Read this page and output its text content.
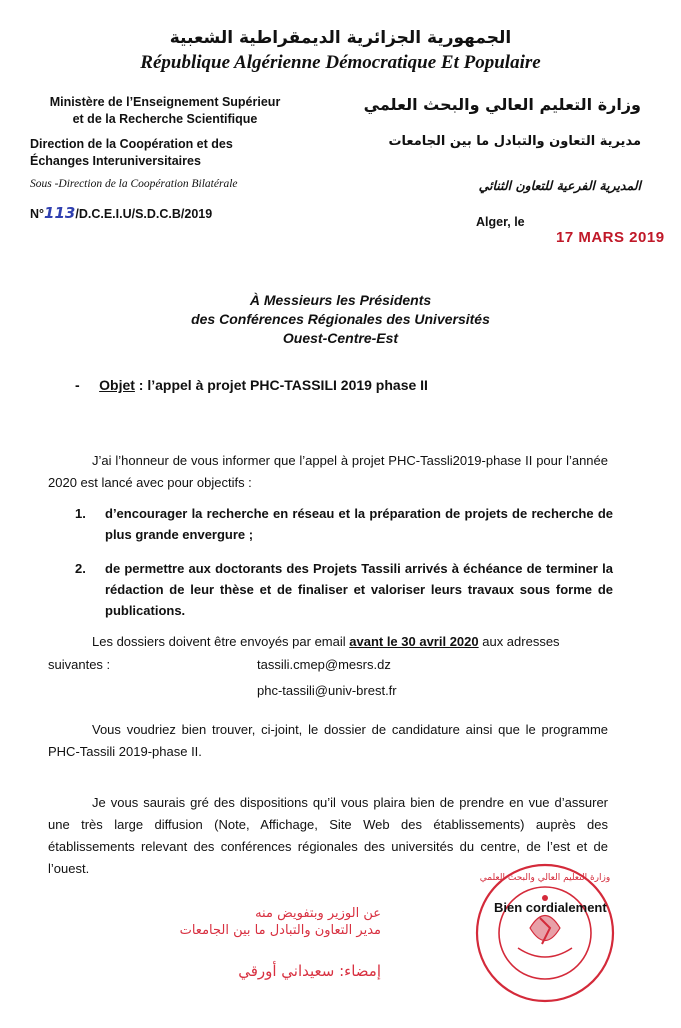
الجمهورية الجزائرية الديمقراطية الشعبية
République Algérienne Démocratique Et Populaire
Ministère de l’Enseignement Supérieur
et de la Recherche Scientifique
Direction de la Coopération et des
Échanges Interuniversitaires
Sous -Direction de la Coopération Bilatérale
N°113/D.C.E.I.U/S.D.C.B/2019
وزارة التعليم العالي والبحث العلمي
مديرية التعاون والتبادل ما بين الجامعات
المديرية الفرعية للتعاون الثنائي
Alger, le
17 MARS 2019
À Messieurs les Présidents
des Conférences Régionales des Universités
Ouest-Centre-Est
- Objet : l’appel à projet PHC-TASSILI 2019 phase II
J’ai l’honneur de vous informer que l’appel à projet PHC-Tassli2019-phase II pour l’année 2020 est lancé avec pour objectifs :
1. d’encourager la recherche en réseau et la préparation de projets de recherche de plus grande envergure ;
2. de permettre aux doctorants des Projets Tassili arrivés à échéance de terminer la rédaction de leur thèse et de finaliser et valoriser leurs travaux sous forme de publications.
Les dossiers doivent être envoyés par email avant le 30 avril 2020 aux adresses
suivantes :	tassili.cmep@mesrs.dz
phc-tassili@univ-brest.fr
Vous voudriez bien trouver, ci-joint, le dossier de candidature ainsi que le programme PHC-Tassili 2019-phase II.
Je vous saurais gré des dispositions qu’il vous plaira bien de prendre en vue d’assurer une très large diffusion (Note, Affichage, Site Web des établissements) auprès des établissements relevant des conférences régionales des universités du centre, de l’est et de l’ouest.
وزارة التعليم العالي والبحث العلمي
Bien cordialement
عن الوزير وبتفويض منه
مدير التعاون والتبادل ما بين الجامعات
إمضاء: سعيداني أورقي
